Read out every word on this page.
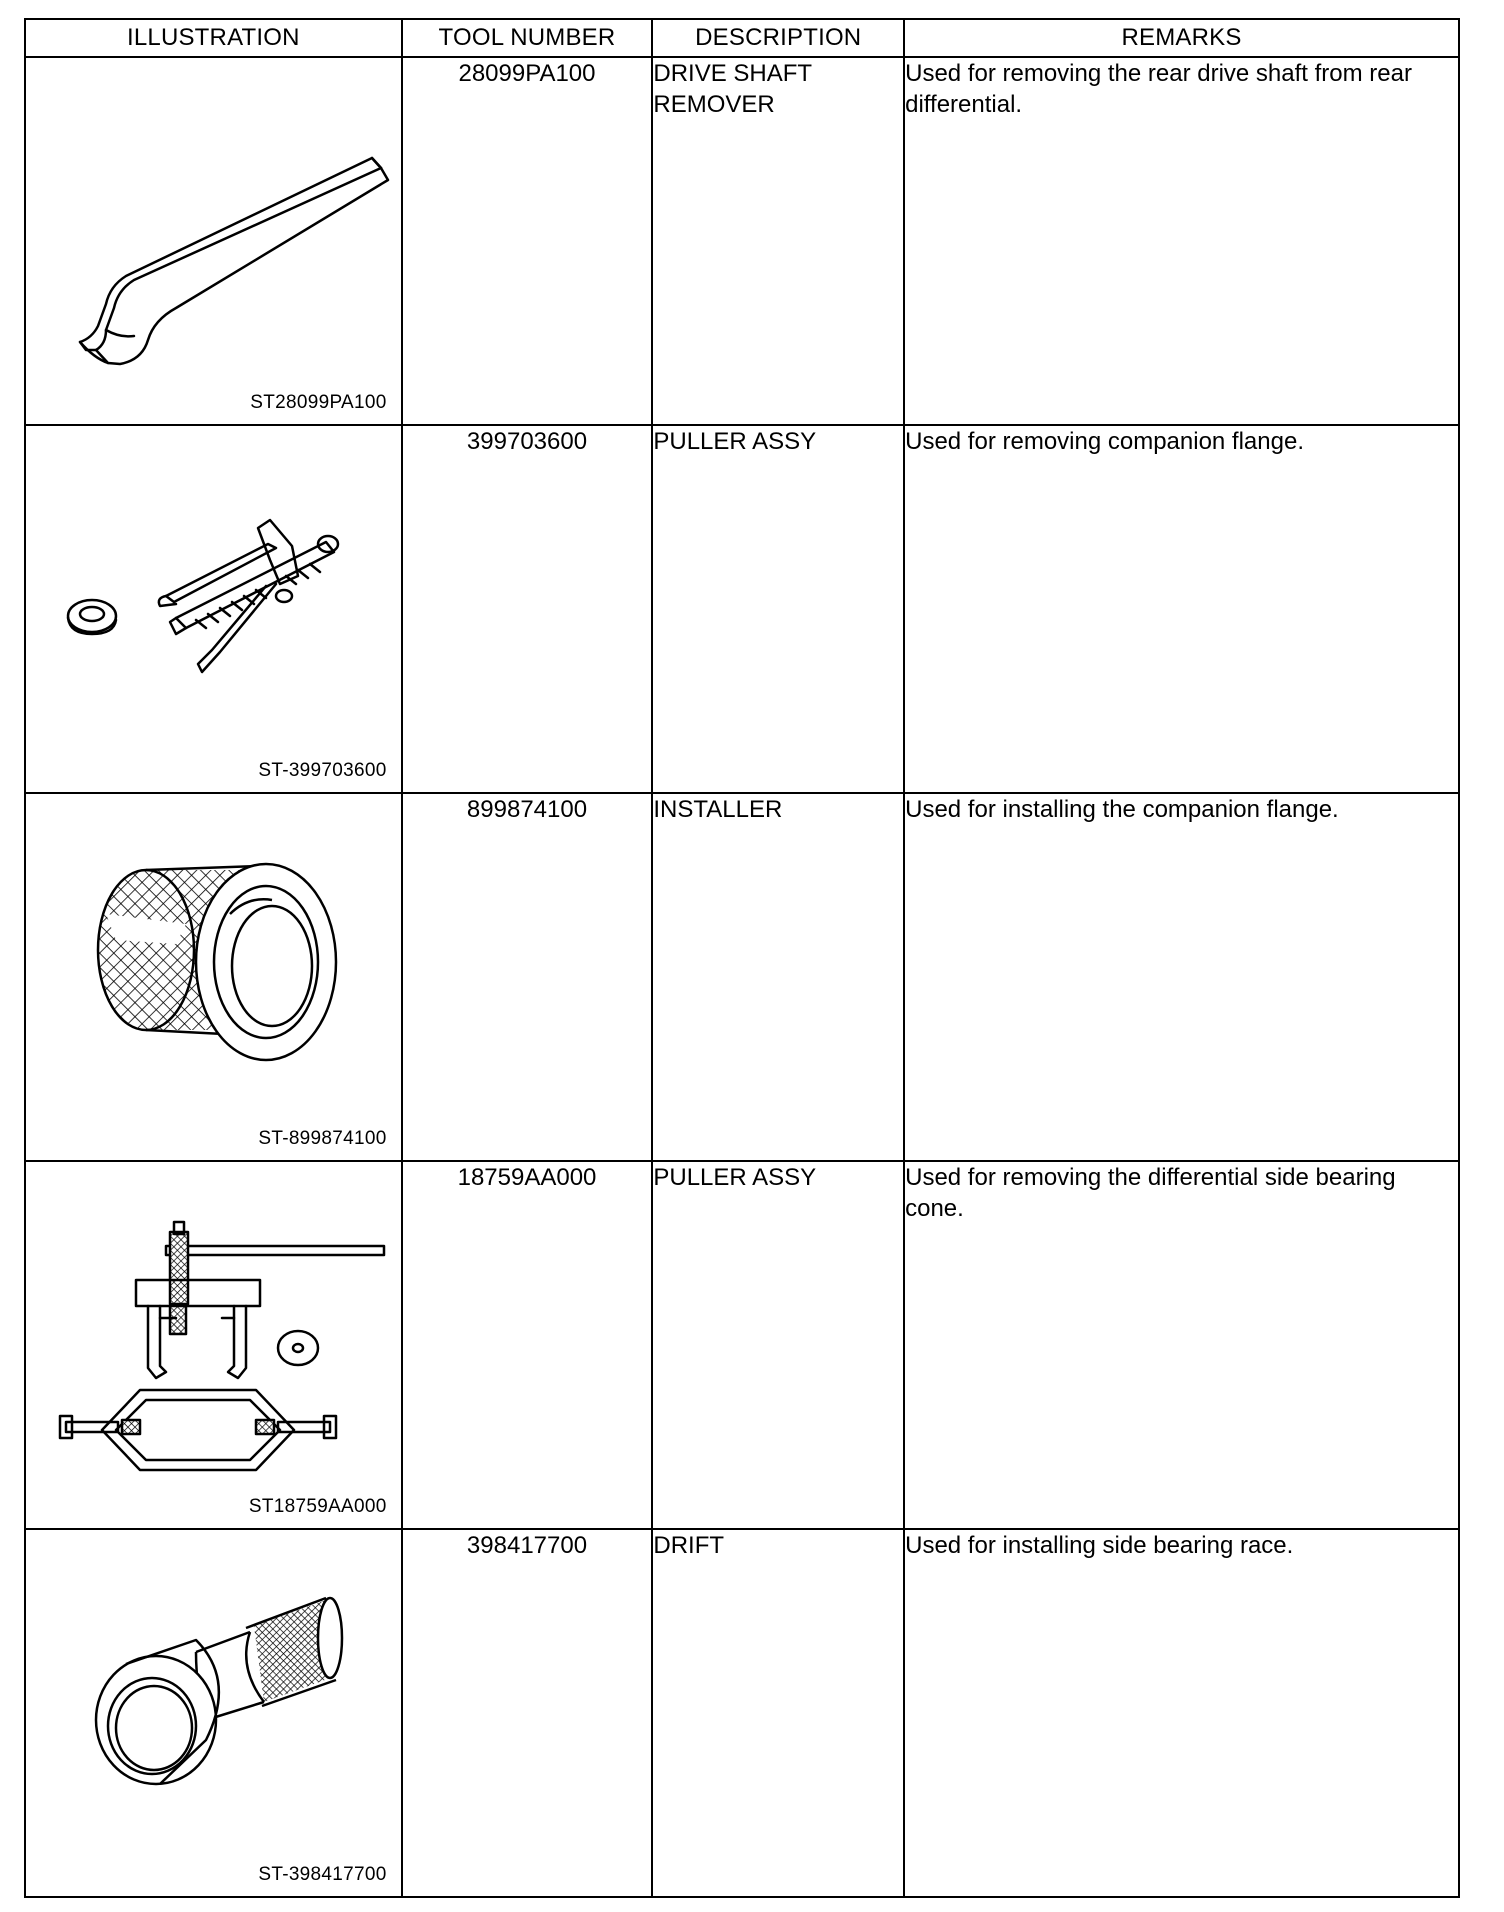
ILLUSTRATION	TOOL NUMBER	DESCRIPTION	REMARKS

ST28099PA100	28099PA100	DRIVE SHAFT REMOVER	Used for removing the rear drive shaft from rear differential.

ST-399703600	399703600	PULLER ASSY	Used for removing companion flange.

ST-899874100	899874100	INSTALLER	Used for installing the companion flange.

ST18759AA000	18759AA000	PULLER ASSY	Used for removing the differential side bearing cone.

ST-398417700	398417700	DRIFT	Used for installing side bearing race.
